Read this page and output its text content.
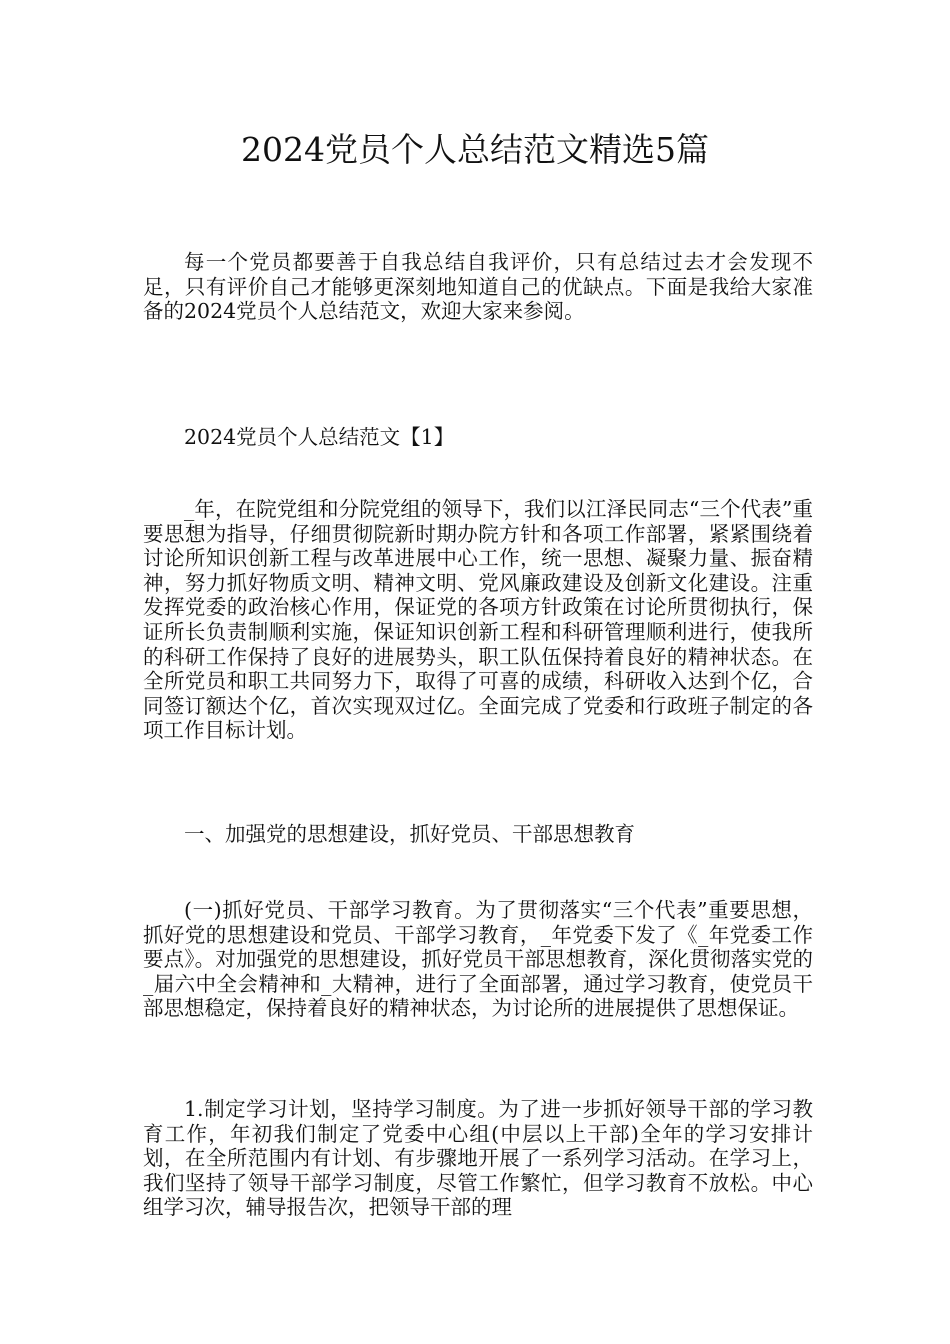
2024党员个人总结范文精选5篇

每一个党员都要善于自我总结自我评价，只有总结过去才会发现不足，只有评价自己才能够更深刻地知道自己的优缺点。下面是我给大家准备的2024党员个人总结范文，欢迎大家来参阅。

2024党员个人总结范文【1】

_年，在院党组和分院党组的领导下，我们以江泽民同志“三个代表”重要思想为指导，仔细贯彻院新时期办院方针和各项工作部署，紧紧围绕着讨论所知识创新工程与改革进展中心工作，统一思想、凝聚力量、振奋精神，努力抓好物质文明、精神文明、党风廉政建设及创新文化建设。注重发挥党委的政治核心作用，保证党的各项方针政策在讨论所贯彻执行，保证所长负责制顺利实施，保证知识创新工程和科研管理顺利进行，使我所的科研工作保持了良好的进展势头，职工队伍保持着良好的精神状态。在全所党员和职工共同努力下，取得了可喜的成绩，科研收入达到个亿，合同签订额达个亿，首次实现双过亿。全面完成了党委和行政班子制定的各项工作目标计划。

一、加强党的思想建设，抓好党员、干部思想教育

(一)抓好党员、干部学习教育。为了贯彻落实“三个代表”重要思想，抓好党的思想建设和党员、干部学习教育，_年党委下发了《_年党委工作要点》。对加强党的思想建设，抓好党员干部思想教育，深化贯彻落实党的_届六中全会精神和_大精神，进行了全面部署，通过学习教育，使党员干部思想稳定，保持着良好的精神状态，为讨论所的进展提供了思想保证。

1.制定学习计划，坚持学习制度。为了进一步抓好领导干部的学习教育工作，年初我们制定了党委中心组(中层以上干部)全年的学习安排计划，在全所范围内有计划、有步骤地开展了一系列学习活动。在学习上，我们坚持了领导干部学习制度，尽管工作繁忙，但学习教育不放松。中心组学习次，辅导报告次，把领导干部的理
